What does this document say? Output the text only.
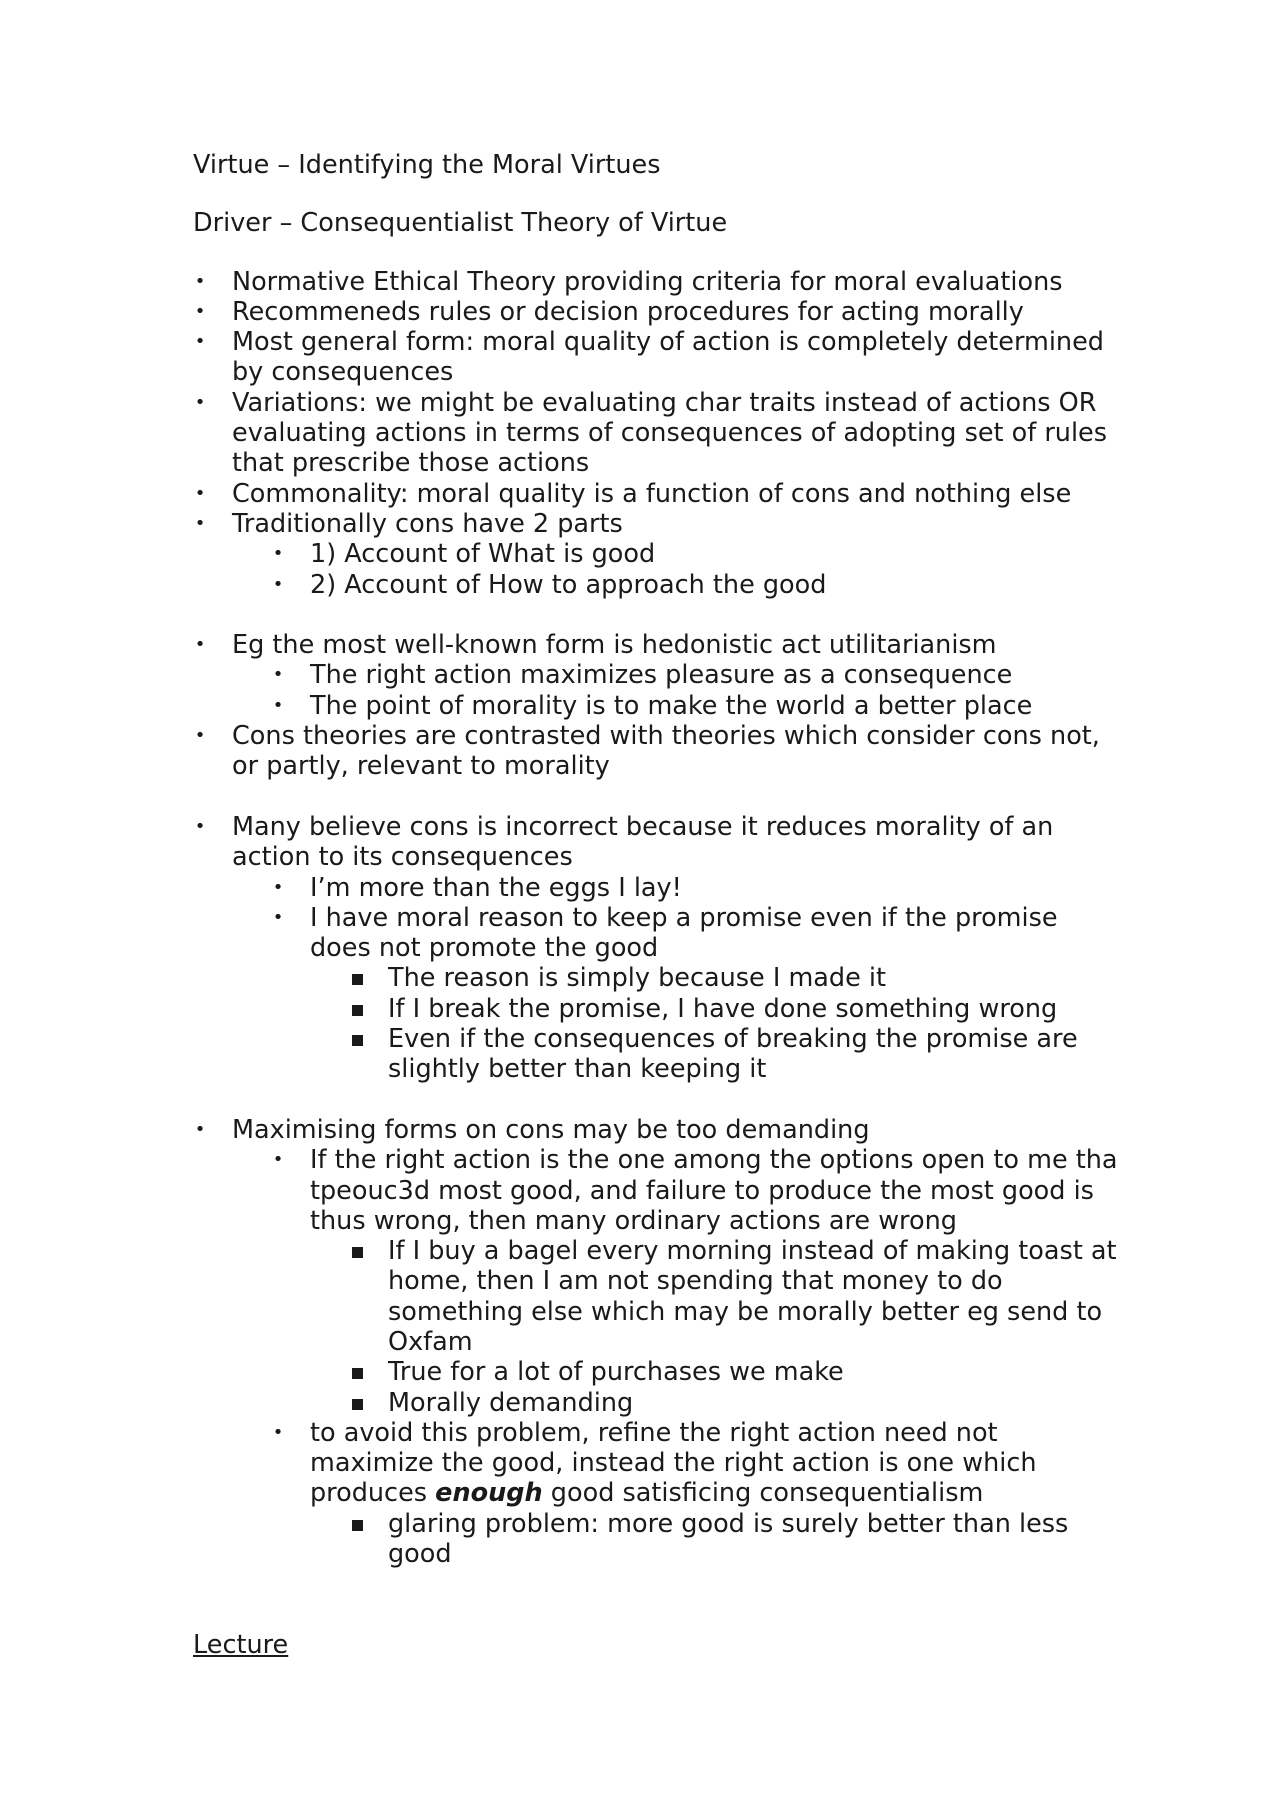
Virtue – Identifying the Moral Virtues

Driver – Consequentialist Theory of Virtue

• Normative Ethical Theory providing criteria for moral evaluations
• Recommeneds rules or decision procedures for acting morally
• Most general form: moral quality of action is completely determined by consequences
• Variations: we might be evaluating char traits instead of actions OR evaluating actions in terms of consequences of adopting set of rules that prescribe those actions
• Commonality: moral quality is a function of cons and nothing else
• Traditionally cons have 2 parts
• 1) Account of What is good
• 2) Account of How to approach the good
• Eg the most well-known form is hedonistic act utilitarianism
• The right action maximizes pleasure as a consequence
• The point of morality is to make the world a better place
• Cons theories are contrasted with theories which consider cons not, or partly, relevant to morality
• Many believe cons is incorrect because it reduces morality of an action to its consequences
• I’m more than the eggs I lay!
• I have moral reason to keep a promise even if the promise does not promote the good
The reason is simply because I made it
If I break the promise, I have done something wrong
Even if the consequences of breaking the promise are slightly better than keeping it
• Maximising forms on cons may be too demanding
• If the right action is the one among the options open to me tha tpeouc3d most good, and failure to produce the most good is thus wrong, then many ordinary actions are wrong
If I buy a bagel every morning instead of making toast at home, then I am not spending that money to do something else which may be morally better eg send to Oxfam
True for a lot of purchases we make
Morally demanding
• to avoid this problem, refine the right action need not maximize the good, instead the right action is one which produces enough good satisficing consequentialism
glaring problem: more good is surely better than less good

Lecture
